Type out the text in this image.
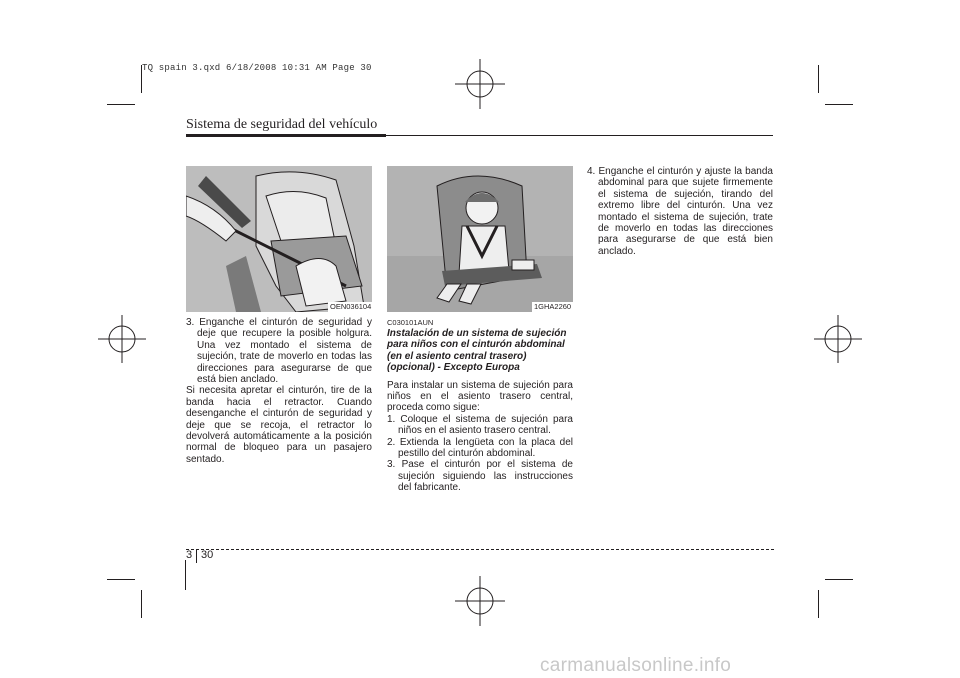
TQ spain 3.qxd 6/18/2008 10:31 AM Page 30
Sistema de seguridad del vehículo
OEN036104	1GHA2260

3. Enganche el cinturón de seguridad y deje que recupere la posible holgura. Una vez montado el sistema de sujeción, trate de moverlo en todas las direcciones para asegurarse de que está bien anclado.

Si necesita apretar el cinturón, tire de la banda hacia el retractor. Cuando desenganche el cinturón de seguridad y deje que se recoja, el retractor lo devolverá automáticamente a la posición normal de bloqueo para un pasajero sentado.

C030101AUN

Instalación de un sistema de sujeción para niños con el cinturón abdominal (en el asiento central trasero) (opcional) - Excepto Europa

Para instalar un sistema de sujeción para niños en el asiento trasero central, proceda como sigue:

1. Coloque el sistema de sujeción para niños en el asiento trasero central.

2. Extienda la lengüeta con la placa del pestillo del cinturón abdominal.

3. Pase el cinturón por el sistema de sujeción siguiendo las instrucciones del fabricante.

4. Enganche el cinturón y ajuste la banda abdominal para que sujete firmemente el sistema de sujeción, tirando del extremo libre del cinturón. Una vez montado el sistema de sujeción, trate de moverlo en todas las direcciones para asegurarse de que está bien anclado.

3 30
carmanualsonline.info
